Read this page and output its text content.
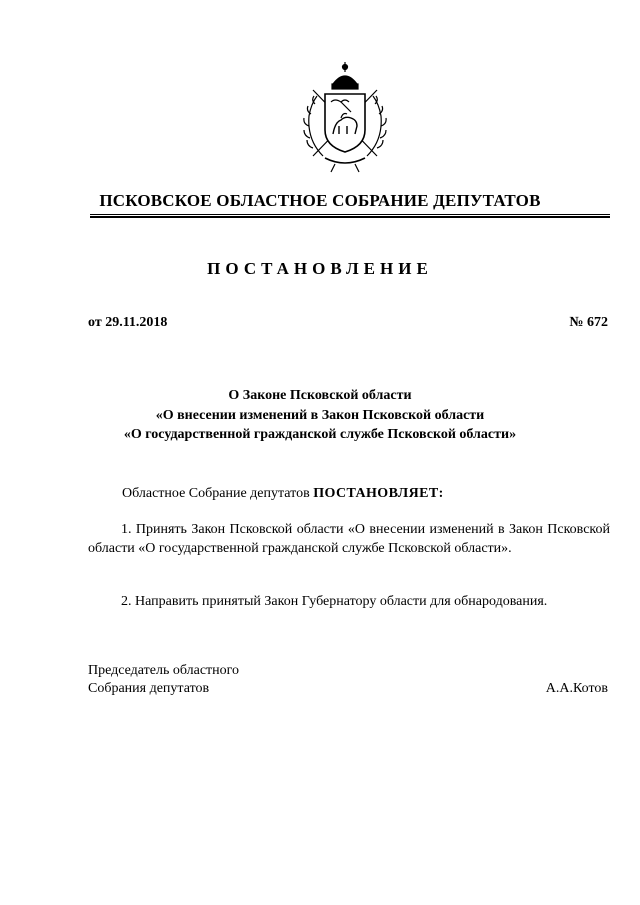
ПСКОВСКОЕ ОБЛАСТНОЕ СОБРАНИЕ ДЕПУТАТОВ
ПОСТАНОВЛЕНИЕ
от 29.11.2018	№ 672
О Законе Псковской области
«О внесении изменений в Закон Псковской области
«О государственной гражданской службе Псковской области»
Областное Собрание депутатов ПОСТАНОВЛЯЕТ:
1. Принять Закон Псковской области «О внесении изменений в Закон Псковской области «О государственной гражданской службе Псковской области».
2. Направить принятый Закон Губернатору области для обнародования.
Председатель областного
Собрания депутатов	А.А.Котов
